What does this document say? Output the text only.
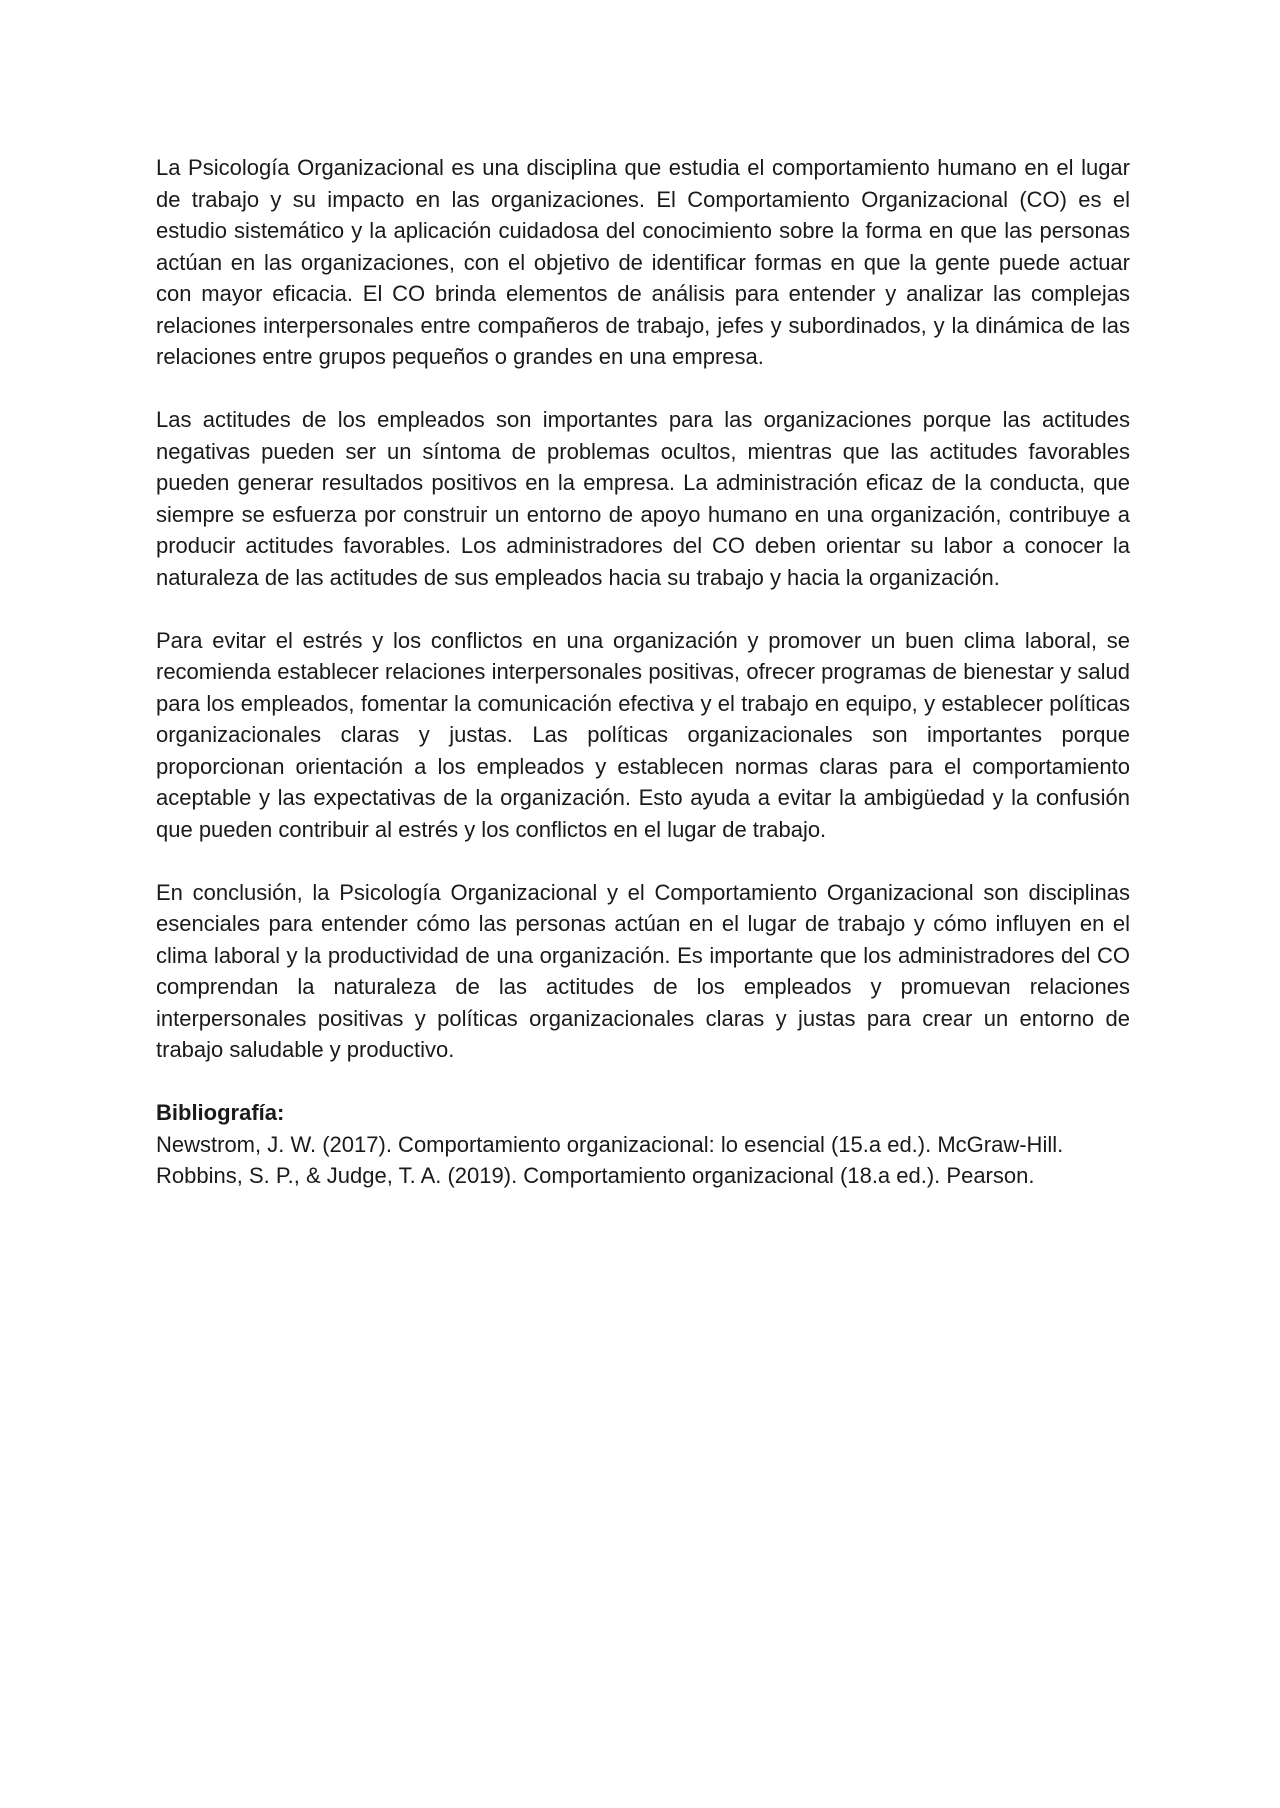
La Psicología Organizacional es una disciplina que estudia el comportamiento humano en el lugar de trabajo y su impacto en las organizaciones. El Comportamiento Organizacional (CO) es el estudio sistemático y la aplicación cuidadosa del conocimiento sobre la forma en que las personas actúan en las organizaciones, con el objetivo de identificar formas en que la gente puede actuar con mayor eficacia. El CO brinda elementos de análisis para entender y analizar las complejas relaciones interpersonales entre compañeros de trabajo, jefes y subordinados, y la dinámica de las relaciones entre grupos pequeños o grandes en una empresa.

Las actitudes de los empleados son importantes para las organizaciones porque las actitudes negativas pueden ser un síntoma de problemas ocultos, mientras que las actitudes favorables pueden generar resultados positivos en la empresa. La administración eficaz de la conducta, que siempre se esfuerza por construir un entorno de apoyo humano en una organización, contribuye a producir actitudes favorables. Los administradores del CO deben orientar su labor a conocer la naturaleza de las actitudes de sus empleados hacia su trabajo y hacia la organización.

Para evitar el estrés y los conflictos en una organización y promover un buen clima laboral, se recomienda establecer relaciones interpersonales positivas, ofrecer programas de bienestar y salud para los empleados, fomentar la comunicación efectiva y el trabajo en equipo, y establecer políticas organizacionales claras y justas. Las políticas organizacionales son importantes porque proporcionan orientación a los empleados y establecen normas claras para el comportamiento aceptable y las expectativas de la organización. Esto ayuda a evitar la ambigüedad y la confusión que pueden contribuir al estrés y los conflictos en el lugar de trabajo.

En conclusión, la Psicología Organizacional y el Comportamiento Organizacional son disciplinas esenciales para entender cómo las personas actúan en el lugar de trabajo y cómo influyen en el clima laboral y la productividad de una organización. Es importante que los administradores del CO comprendan la naturaleza de las actitudes de los empleados y promuevan relaciones interpersonales positivas y políticas organizacionales claras y justas para crear un entorno de trabajo saludable y productivo.

Bibliografía:

Newstrom, J. W. (2017). Comportamiento organizacional: lo esencial (15.a ed.). McGraw-Hill.

Robbins, S. P., & Judge, T. A. (2019). Comportamiento organizacional (18.a ed.). Pearson.
